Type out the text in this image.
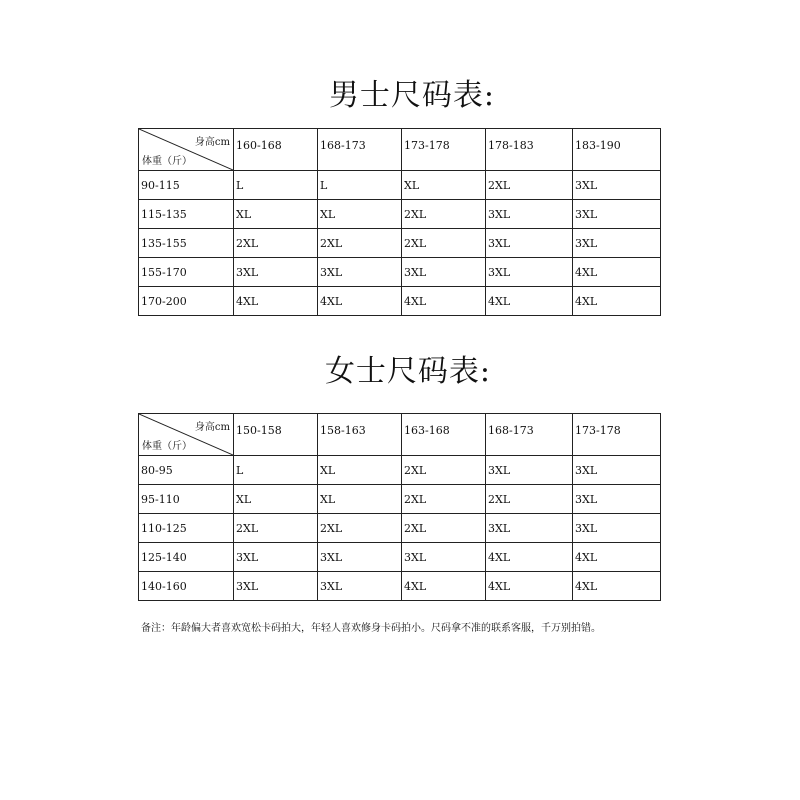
男士尺码表:
身高cm
体重（斤）	160-168	168-173	173-178	178-183	183-190
90-115	L	L	XL	2XL	3XL
115-135	XL	XL	2XL	3XL	3XL
135-155	2XL	2XL	2XL	3XL	3XL
155-170	3XL	3XL	3XL	3XL	4XL
170-200	4XL	4XL	4XL	4XL	4XL
女士尺码表:
身高cm
体重（斤）	150-158	158-163	163-168	168-173	173-178
80-95	L	XL	2XL	3XL	3XL
95-110	XL	XL	2XL	2XL	3XL
110-125	2XL	2XL	2XL	3XL	3XL
125-140	3XL	3XL	3XL	4XL	4XL
140-160	3XL	3XL	4XL	4XL	4XL
备注：年龄偏大者喜欢宽松卡码拍大，年轻人喜欢修身卡码拍小。尺码拿不准的联系客服，千万别拍错。
